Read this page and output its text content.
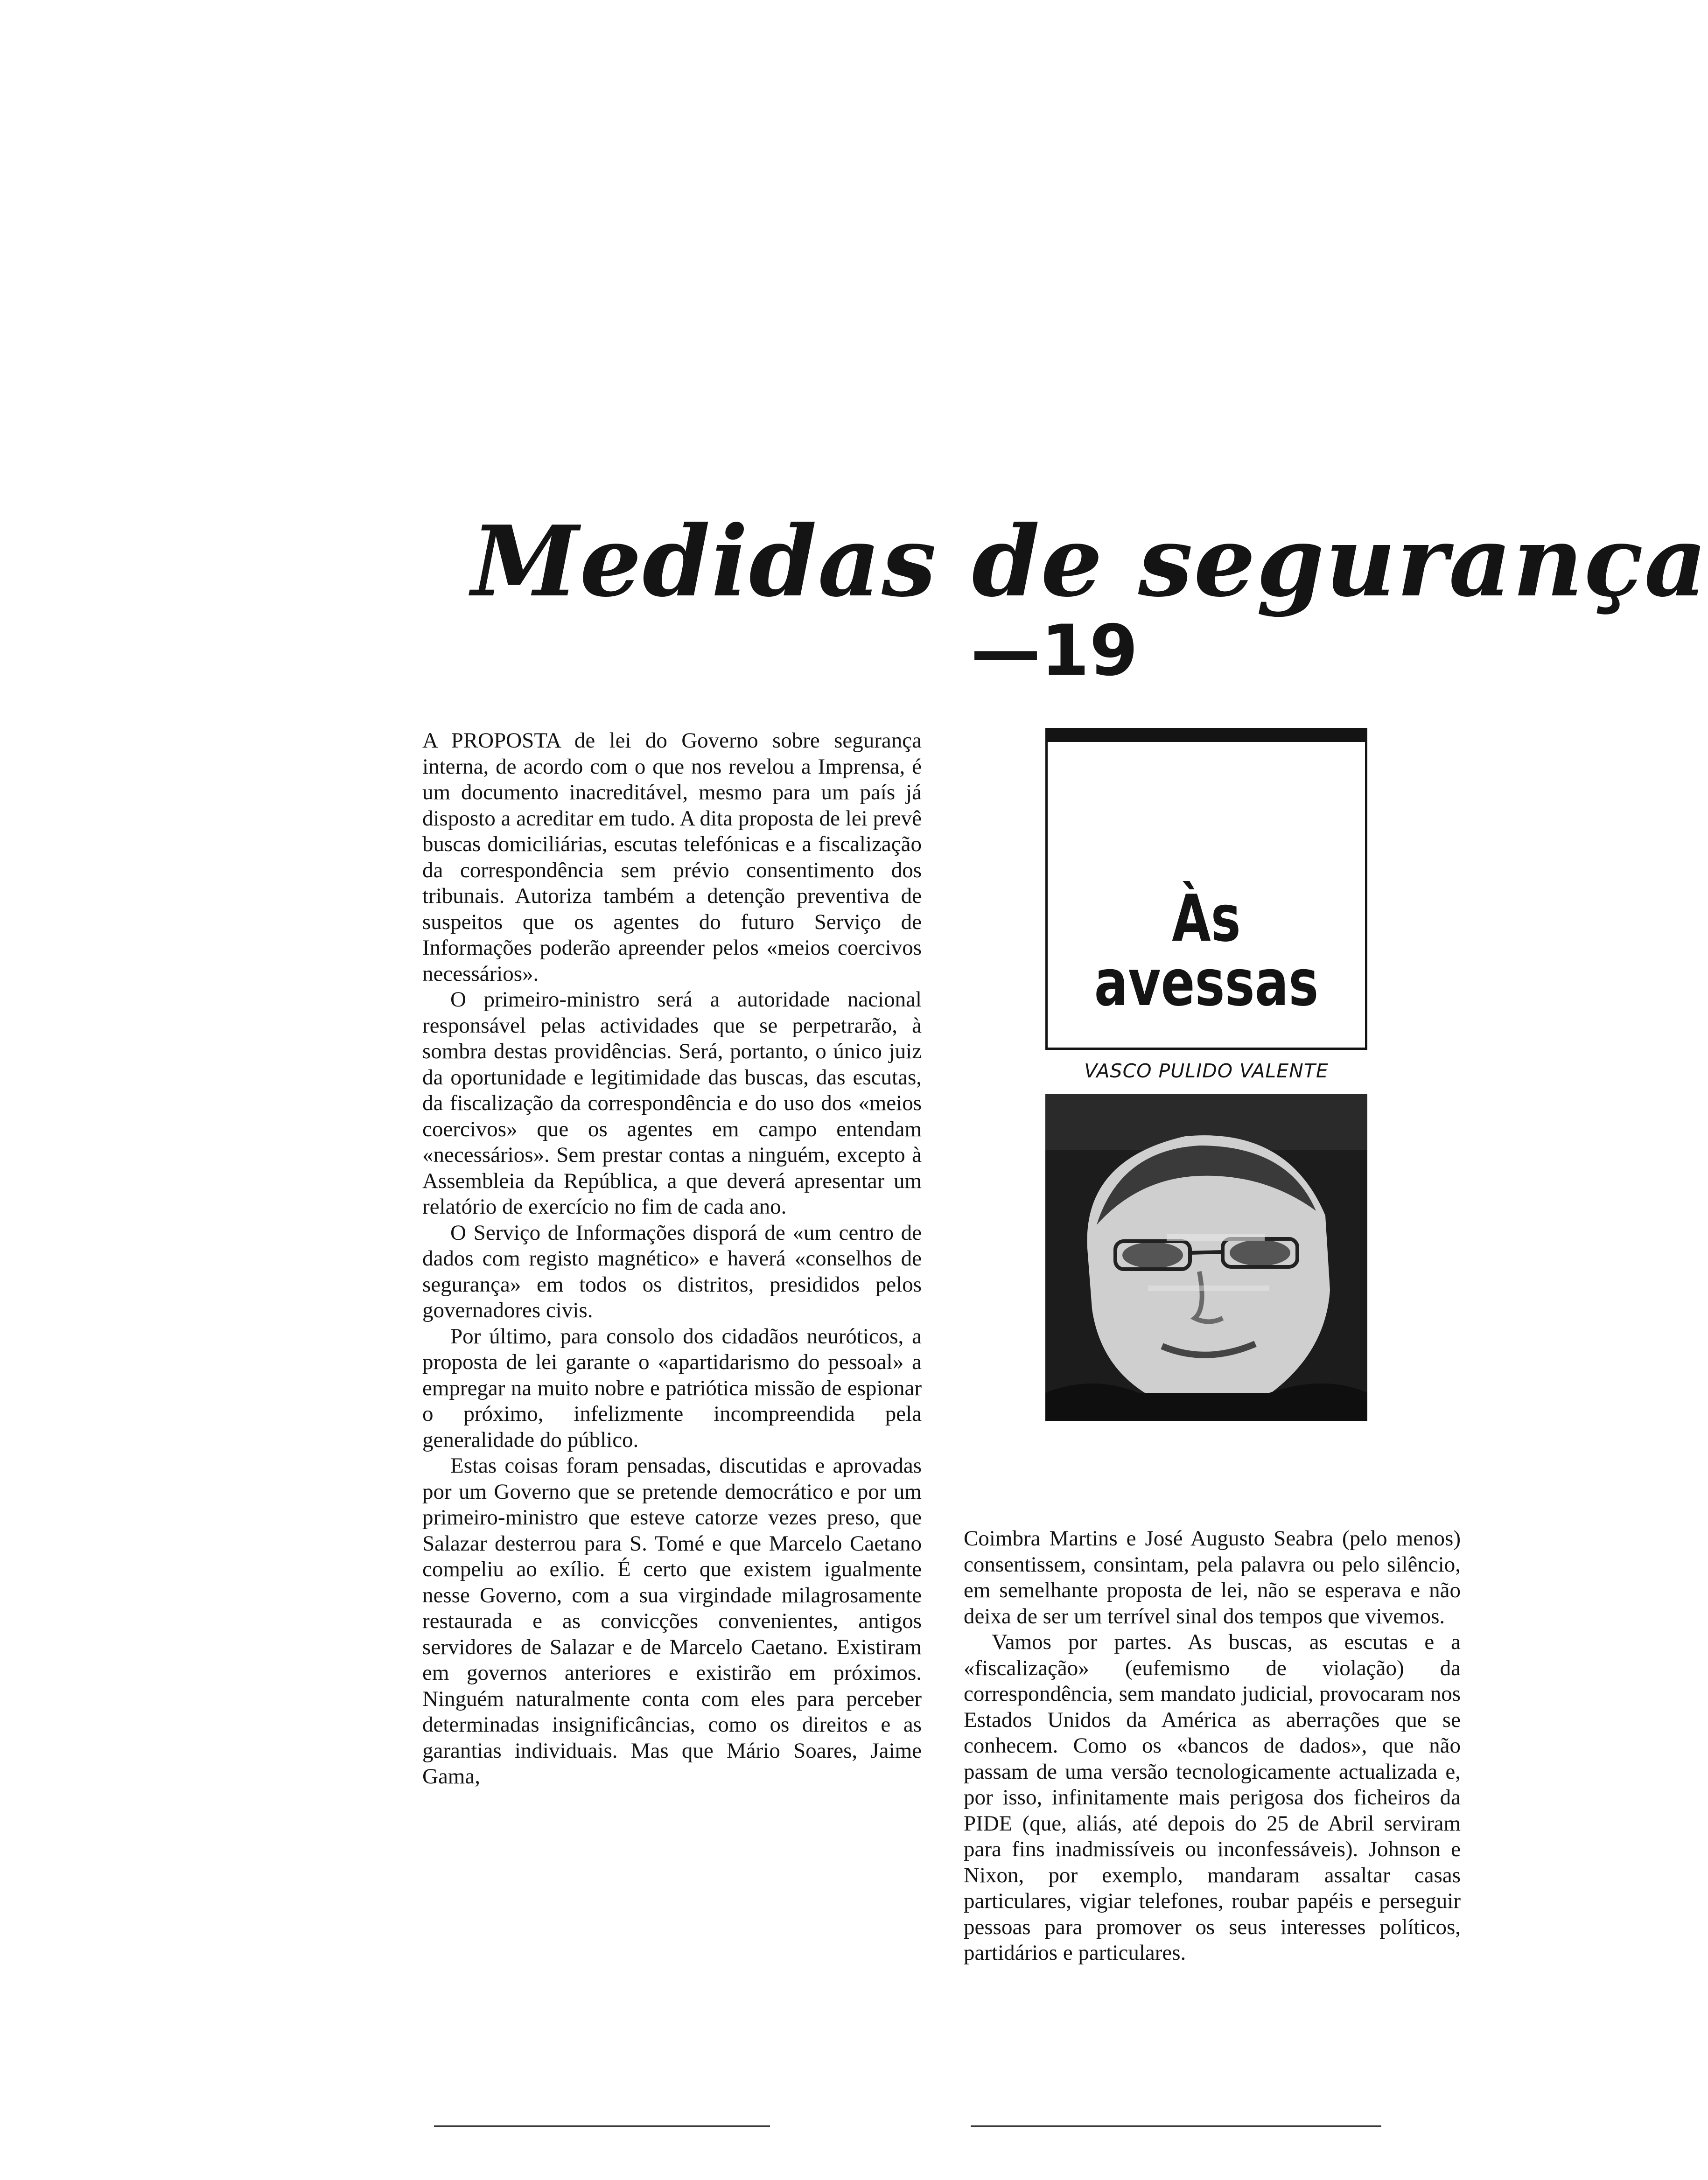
Medidas de segurança
—19

A PROPOSTA de lei do Governo sobre segurança interna, de acordo com o que nos revelou a Imprensa, é um documento inacreditável, mesmo para um país já disposto a acreditar em tudo. A dita proposta de lei prevê buscas domiciliárias, escutas telefónicas e a fiscalização da correspondência sem prévio consentimento dos tribunais. Autoriza também a detenção preventiva de suspeitos que os agentes do futuro Serviço de Informações poderão apreender pelos «meios coercivos necessários».

O primeiro-ministro será a autoridade nacional responsável pelas actividades que se perpetrarão, à sombra destas providências. Será, portanto, o único juiz da oportunidade e legitimidade das buscas, das escutas, da fiscalização da correspondência e do uso dos «meios coercivos» que os agentes em campo entendam «necessários». Sem prestar contas a ninguém, excepto à Assembleia da República, a que deverá apresentar um relatório de exercício no fim de cada ano.

O Serviço de Informações disporá de «um centro de dados com registo magnético» e haverá «conselhos de segurança» em todos os distritos, presididos pelos governadores civis.

Por último, para consolo dos cidadãos neuróticos, a proposta de lei garante o «apartidarismo do pessoal» a empregar na muito nobre e patriótica missão de espionar o próximo, infelizmente incompreendida pela generalidade do público.

Estas coisas foram pensadas, discutidas e aprovadas por um Governo que se pretende democrático e por um primeiro-ministro que esteve catorze vezes preso, que Salazar desterrou para S. Tomé e que Marcelo Caetano compeliu ao exílio. É certo que existem igualmente nesse Governo, com a sua virgindade milagrosamente restaurada e as convicções convenientes, antigos servidores de Salazar e de Marcelo Caetano. Existiram em governos anteriores e existirão em próximos. Ninguém naturalmente conta com eles para perceber determinadas insignificâncias, como os direitos e as garantias individuais. Mas que Mário Soares, Jaime Gama,

Às
avessas
VASCO PULIDO VALENTE

Coimbra Martins e José Augusto Seabra (pelo menos) consentissem, consintam, pela palavra ou pelo silêncio, em semelhante proposta de lei, não se esperava e não deixa de ser um terrível sinal dos tempos que vivemos.

Vamos por partes. As buscas, as escutas e a «fiscalização» (eufemismo de violação) da correspondência, sem mandato judicial, provocaram nos Estados Unidos da América as aberrações que se conhecem. Como os «bancos de dados», que não passam de uma versão tecnologicamente actualizada e, por isso, infinitamente mais perigosa dos ficheiros da PIDE (que, aliás, até depois do 25 de Abril serviram para fins inadmissíveis ou inconfessáveis). Johnson e Nixon, por exemplo, mandaram assaltar casas particulares, vigiar telefones, roubar papéis e perseguir pessoas para promover os seus interesses políticos, partidários e particulares.
